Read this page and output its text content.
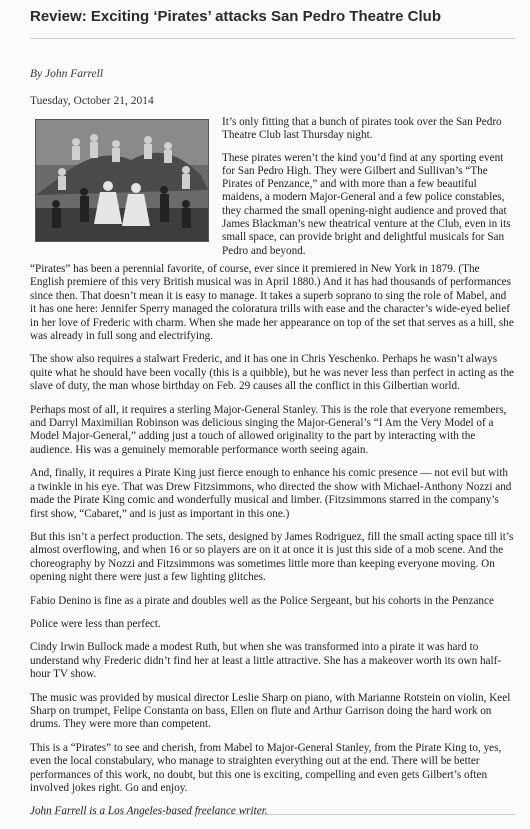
Review: Exciting ‘Pirates’ attacks San Pedro Theatre Club
By John Farrell
Tuesday, October 21, 2014

It’s only fitting that a bunch of pirates took over the San Pedro Theatre Club last Thursday night.

These pirates weren’t the kind you’d find at any sporting event for San Pedro High. They were Gilbert and Sullivan’s “The Pirates of Penzance,” and with more than a few beautiful maidens, a modern Major-General and a few police constables, they charmed the small opening-night audience and proved that James Blackman’s new theatrical venture at the Club, even in its small space, can provide bright and delightful musicals for San Pedro and beyond.

“Pirates” has been a perennial favorite, of course, ever since it premiered in New York in 1879. (The English premiere of this very British musical was in April 1880.) And it has had thousands of performances since then. That doesn’t mean it is easy to manage. It takes a superb soprano to sing the role of Mabel, and it has one here: Jennifer Sperry managed the coloratura trills with ease and the character’s wide-eyed belief in her love of Frederic with charm. When she made her appearance on top of the set that serves as a hill, she was already in full song and electrifying.

The show also requires a stalwart Frederic, and it has one in Chris Yeschenko. Perhaps he wasn’t always quite what he should have been vocally (this is a quibble), but he was never less than perfect in acting as the slave of duty, the man whose birthday on Feb. 29 causes all the conflict in this Gilbertian world.

Perhaps most of all, it requires a sterling Major-General Stanley. This is the role that everyone remembers, and Darryl Maximilian Robinson was delicious singing the Major-General’s “I Am the Very Model of a Model Major-General,” adding just a touch of allowed originality to the part by interacting with the audience. His was a genuinely memorable performance worth seeing again.

And, finally, it requires a Pirate King just fierce enough to enhance his comic presence — not evil but with a twinkle in his eye. That was Drew Fitzsimmons, who directed the show with Michael-Anthony Nozzi and made the Pirate King comic and wonderfully musical and limber. (Fitzsimmons starred in the company’s first show, “Cabaret,” and is just as important in this one.)

But this isn’t a perfect production. The sets, designed by James Rodriguez, fill the small acting space till it’s almost overflowing, and when 16 or so players are on it at once it is just this side of a mob scene. And the choreography by Nozzi and Fitzsimmons was sometimes little more than keeping everyone moving. On opening night there were just a few lighting glitches.

Fabio Denino is fine as a pirate and doubles well as the Police Sergeant, but his cohorts in the Penzance

Police were less than perfect.

Cindy Irwin Bullock made a modest Ruth, but when she was transformed into a pirate it was hard to understand why Frederic didn’t find her at least a little attractive. She has a makeover worth its own half-hour TV show.

The music was provided by musical director Leslie Sharp on piano, with Marianne Rotstein on violin, Keel Sharp on trumpet, Felipe Constanta on bass, Ellen on flute and Arthur Garrison doing the hard work on drums. They were more than competent.

This is a “Pirates” to see and cherish, from Mabel to Major-General Stanley, from the Pirate King to, yes, even the local constabulary, who manage to straighten everything out at the end. There will be better performances of this work, no doubt, but this one is exciting, compelling and even gets Gilbert’s often involved jokes right. Go and enjoy.

John Farrell is a Los Angeles-based freelance writer.
